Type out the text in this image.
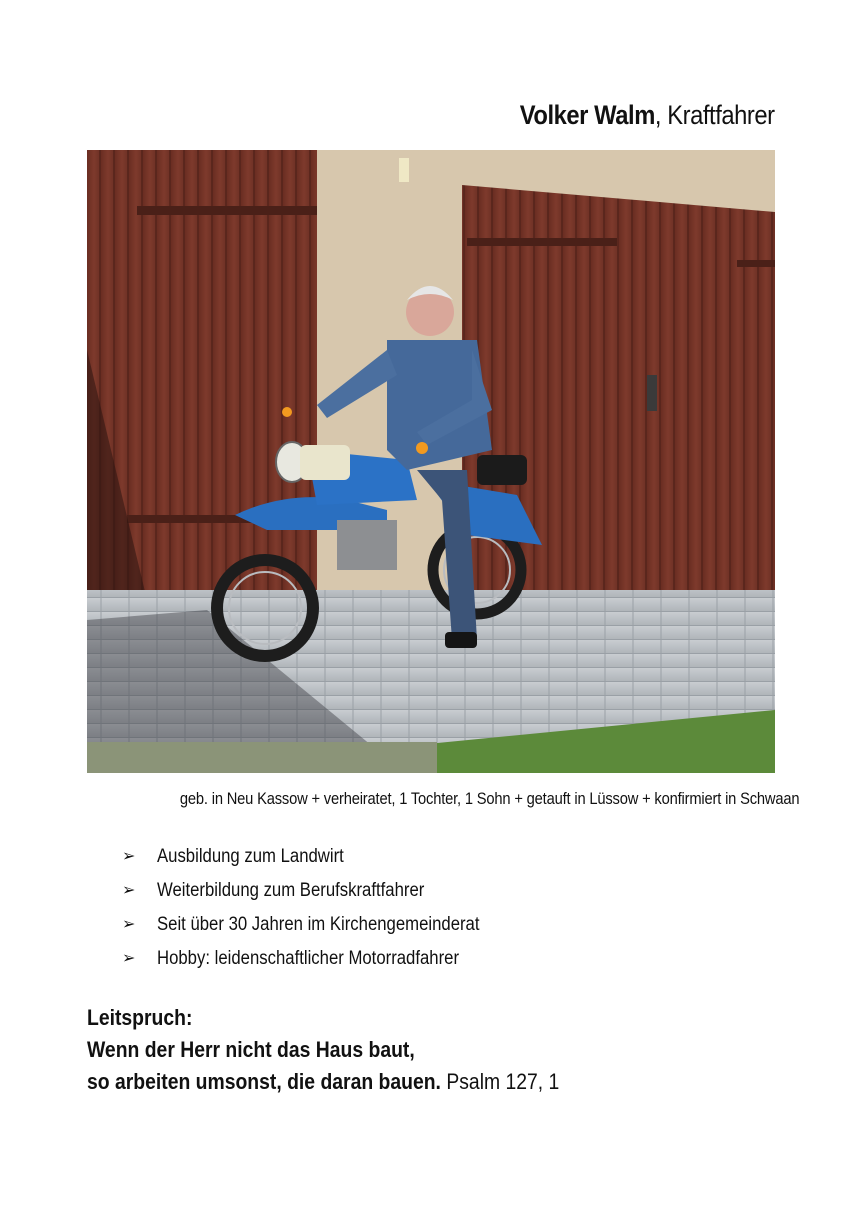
Volker Walm, Kraftfahrer
geb. in Neu Kassow + verheiratet, 1 Tochter, 1 Sohn + getauft in Lüssow + konfirmiert in Schwaan
➢	Ausbildung zum Landwirt
➢	Weiterbildung zum Berufskraftfahrer
➢	Seit über 30 Jahren im Kirchengemeinderat
➢	Hobby: leidenschaftlicher Motorradfahrer
Leitspruch:
Wenn der Herr nicht das Haus baut,
so arbeiten umsonst, die daran bauen. Psalm 127, 1
